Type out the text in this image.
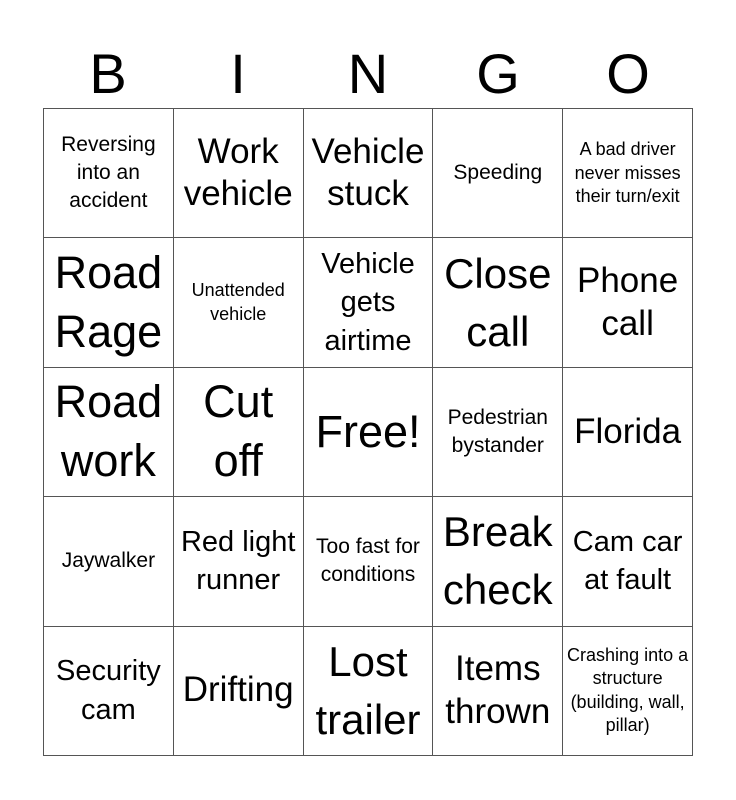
B	I	N	G	O
Reversing into an accident
Work vehicle
Vehicle stuck
Speeding
A bad driver never misses their turn/exit
Road Rage
Unattended vehicle
Vehicle gets airtime
Close call
Phone call
Road work
Cut off
Free!	Pedestrian bystander Florida
Jaywalker
Red light runner
Too fast for conditions
Break check
Cam car at fault
Security cam
Drifting
Lost trailer
Items thrown
Crashing into a structure (building, wall, pillar)
